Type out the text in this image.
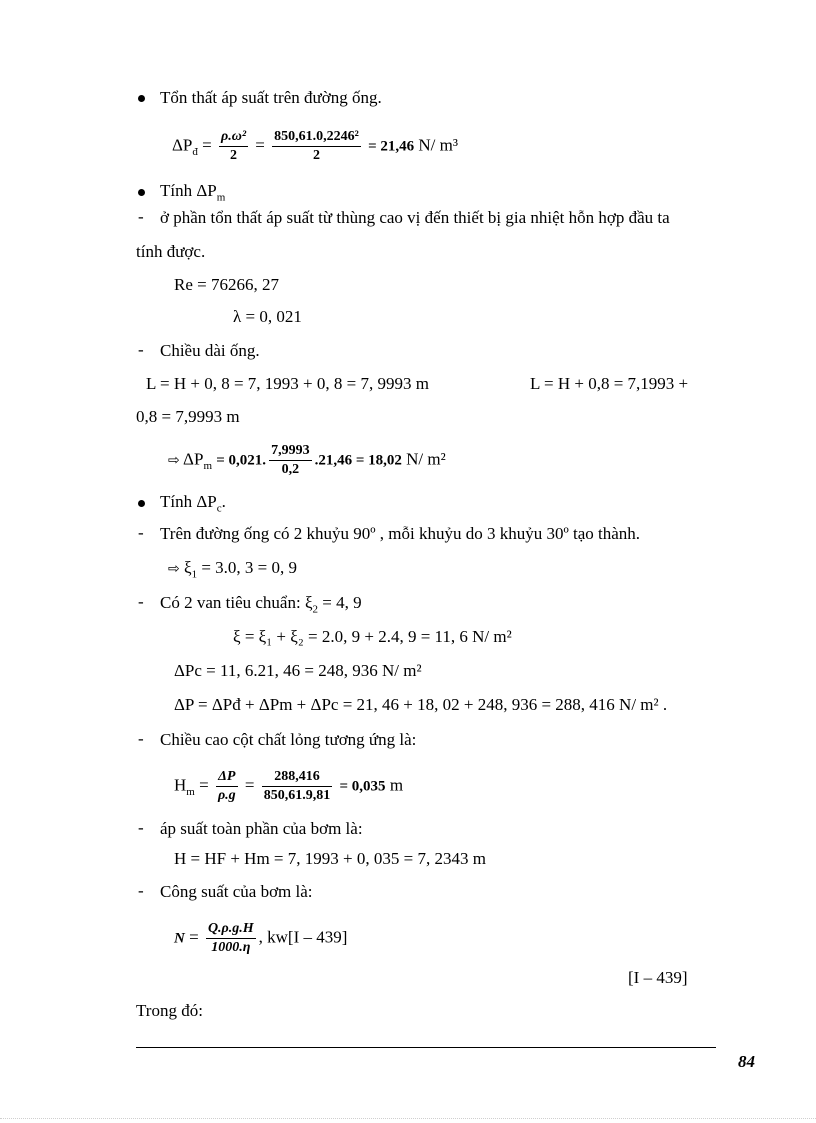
Tổn thất áp suất trên đường ống.
$\Delta P_đ = \frac{\text{ρ.ω²}}{2} = \frac{\text{850,61.0,2246²}}{2} = 21,46$ N/ m³
Tính $\Delta P_m$
- ở phần tổn thất áp suất từ thùng cao vị đến thiết bị gia nhiệt hỗn hợp đầu ta
tính được.
Re = 76266, 27
λ = 0, 021
- Chiều dài ống.
L = H + 0, 8 = 7, 1993 + 0, 8 = 7, 9993 m	L = H + 0,8 = 7,1993 +
0,8 = 7,9993 m
⇨ $\Delta P_m = 0,021$. $\frac{7,9993}{0,2} .21,46 = 18,02$ N/ m²
Tính $\Delta P_c$.
- Trên đường ống có 2 khuỷu 90º , mỗi khuỷu do 3 khuỷu 30º tạo thành.
⇨ $\xi_1 = 3.0$, 3 = 0, 9
- Có 2 van tiêu chuẩn: $\xi_2 = 4$, 9
ξ = ξ₁ + ξ₂ = 2.0, 9 + 2.4, 9 = 11, 6 N/ m²
ΔPc = 11, 6.21, 46 = 248, 936 N/ m²
ΔP = ΔPđ + ΔPm + ΔPc = 21, 46 + 18, 02 + 248, 936 = 288, 416 N/ m² .
- Chiều cao cột chất lỏng tương ứng là:
$H_m = \frac{\Delta P}{\rho.g} = \frac{288,416}{850,61.9,81} = 0,035$ m
- áp suất toàn phần của bơm là:
H = HF + Hm = 7, 1993 + 0, 035 = 7, 2343 m
- Công suất của bơm là:
$N = \frac{Q.\rho.g.H}{1000.\eta}$ , kw[I – 439]
[I – 439]
Trong đó:
84
